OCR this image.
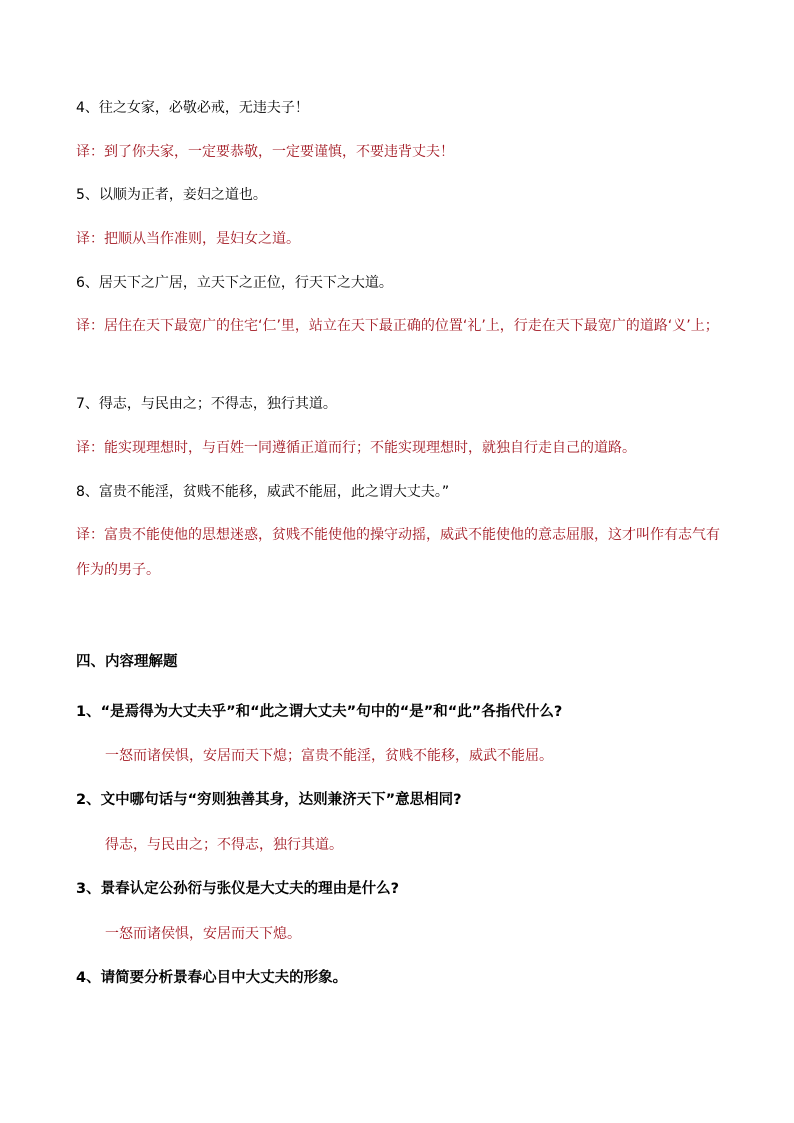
4、往之女家，必敬必戒，无违夫子！

译：到了你夫家，一定要恭敬，一定要谨慎，不要违背丈夫！

5、以顺为正者，妾妇之道也。

译：把顺从当作准则，是妇女之道。

6、居天下之广居，立天下之正位，行天下之大道。

译：居住在天下最宽广的住宅‘仁’里，站立在天下最正确的位置‘礼’上，行走在天下最宽广的道路‘义’上；

7、得志，与民由之；不得志，独行其道。

译：能实现理想时，与百姓一同遵循正道而行；不能实现理想时，就独自行走自己的道路。

8、富贵不能淫，贫贱不能移，威武不能屈，此之谓大丈夫。”

译：富贵不能使他的思想迷惑，贫贱不能使他的操守动摇，威武不能使他的意志屈服，这才叫作有志气有作为的男子。

四、内容理解题

1、“是焉得为大丈夫乎”和“此之谓大丈夫”句中的“是”和“此”各指代什么?

一怒而诸侯惧，安居而天下熄；富贵不能淫，贫贱不能移，威武不能屈。

2、文中哪句话与“穷则独善其身，达则兼济天下”意思相同?

得志，与民由之；不得志，独行其道。

3、景春认定公孙衍与张仪是大丈夫的理由是什么?

一怒而诸侯惧，安居而天下熄。

4、请简要分析景春心目中大丈夫的形象。
